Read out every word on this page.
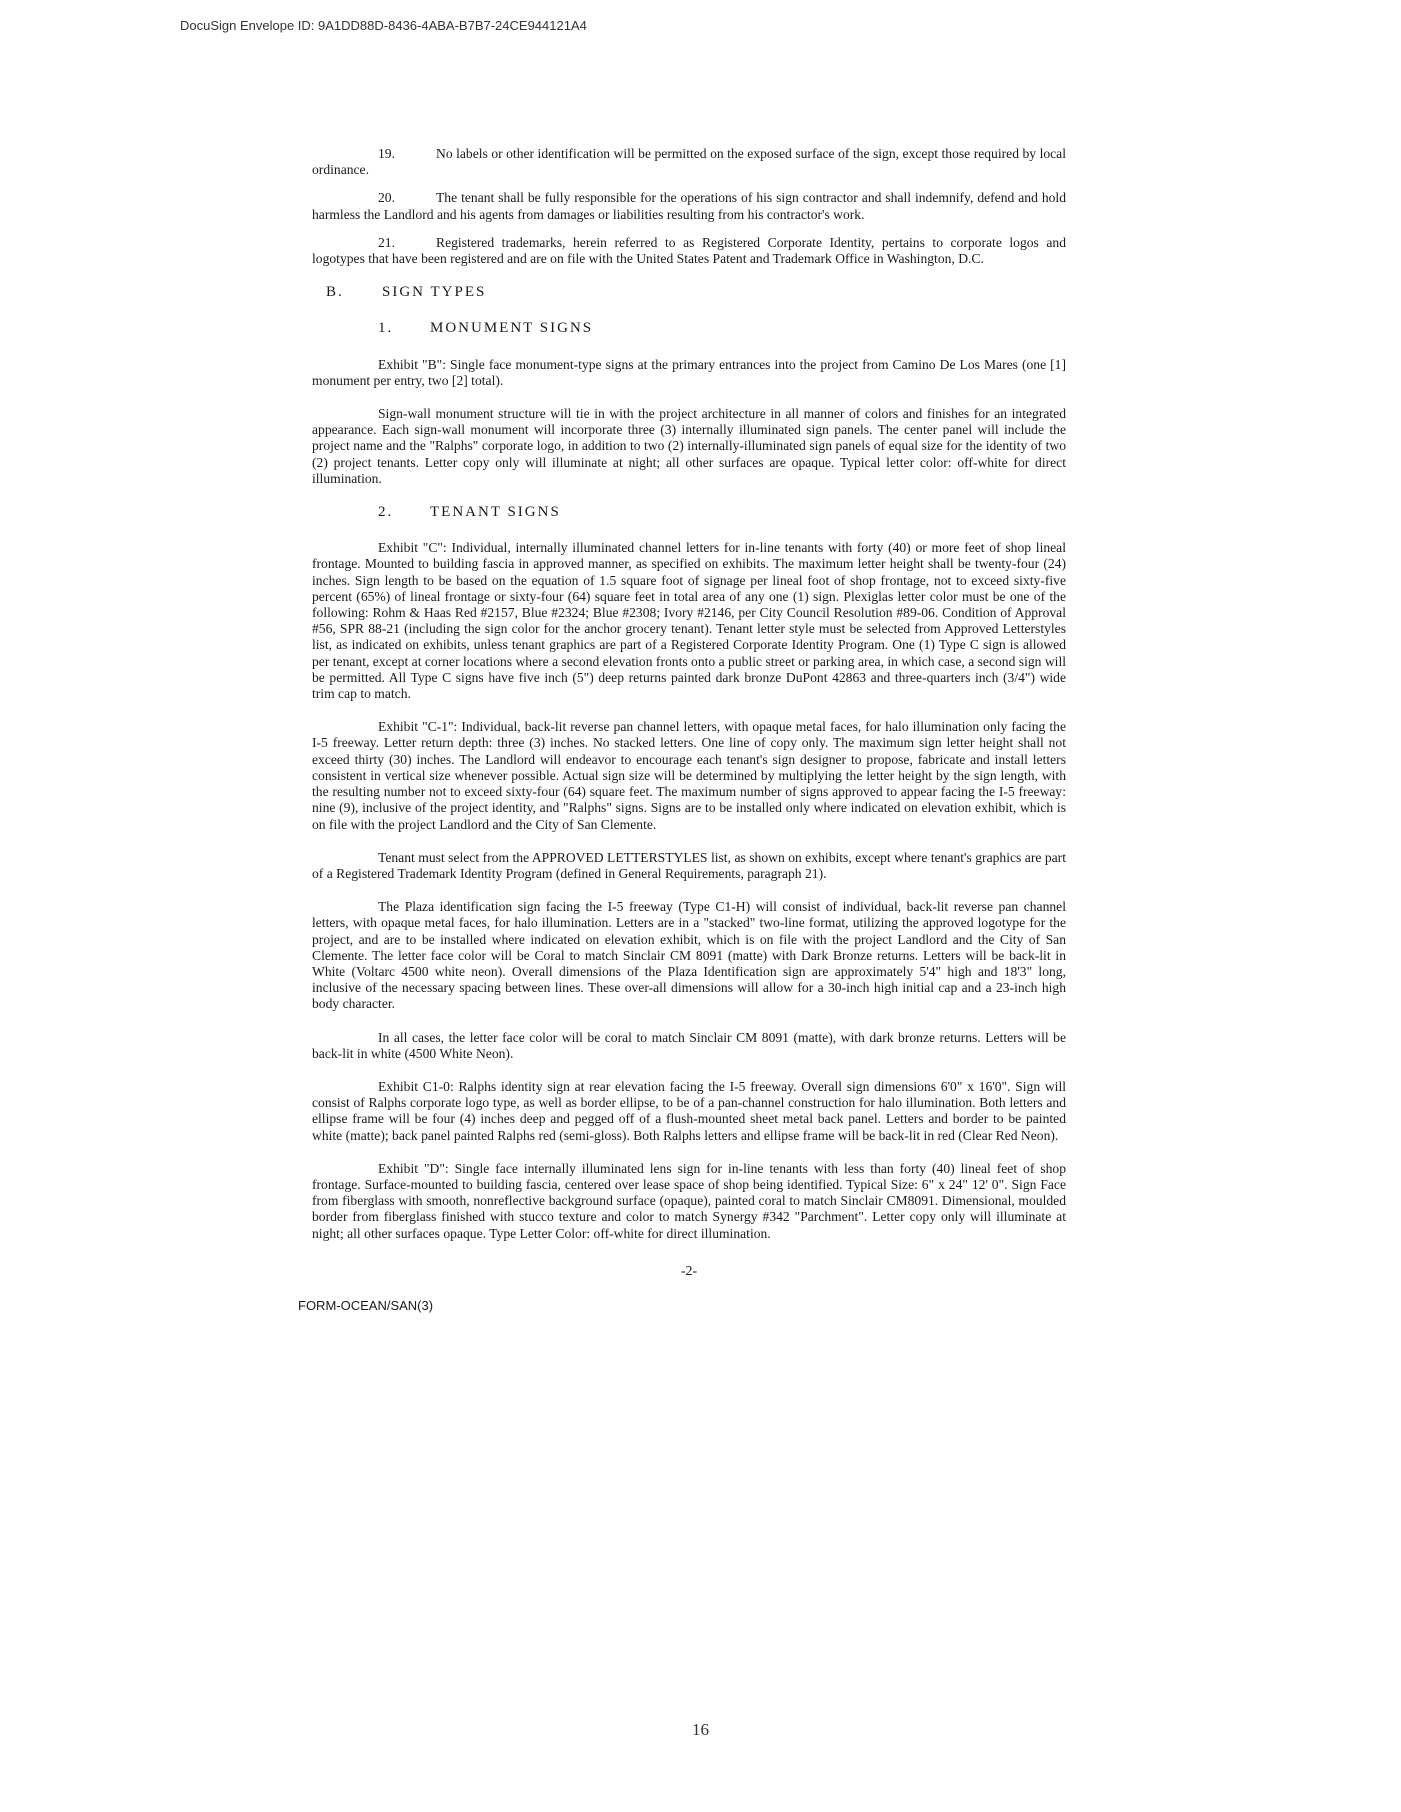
DocuSign Envelope ID: 9A1DD88D-8436-4ABA-B7B7-24CE944121A4

19.	No labels or other identification will be permitted on the exposed surface of the sign, except those required by local ordinance.

20.	The tenant shall be fully responsible for the operations of his sign contractor and shall indemnify, defend and hold harmless the Landlord and his agents from damages or liabilities resulting from his contractor's work.

21.	Registered trademarks, herein referred to as Registered Corporate Identity, pertains to corporate logos and logotypes that have been registered and are on file with the United States Patent and Trademark Office in Washington, D.C.

B.	SIGN TYPES
1. MONUMENT SIGNS

Exhibit "B": Single face monument-type signs at the primary entrances into the project from Camino De Los Mares (one [1] monument per entry, two [2] total).

Sign-wall monument structure will tie in with the project architecture in all manner of colors and finishes for an integrated appearance. Each sign-wall monument will incorporate three (3) internally illuminated sign panels. The center panel will include the project name and the "Ralphs" corporate logo, in addition to two (2) internally-illuminated sign panels of equal size for the identity of two (2) project tenants. Letter copy only will illuminate at night; all other surfaces are opaque. Typical letter color: off-white for direct illumination.

2. TENANT SIGNS

Exhibit "C": Individual, internally illuminated channel letters for in-line tenants with forty (40) or more feet of shop lineal frontage. Mounted to building fascia in approved manner, as specified on exhibits. The maximum letter height shall be twenty-four (24) inches. Sign length to be based on the equation of 1.5 square foot of signage per lineal foot of shop frontage, not to exceed sixty-five percent (65%) of lineal frontage or sixty-four (64) square feet in total area of any one (1) sign. Plexiglas letter color must be one of the following: Rohm & Haas Red #2157, Blue #2324; Blue #2308; Ivory #2146, per City Council Resolution #89-06. Condition of Approval #56, SPR 88-21 (including the sign color for the anchor grocery tenant). Tenant letter style must be selected from Approved Letterstyles list, as indicated on exhibits, unless tenant graphics are part of a Registered Corporate Identity Program. One (1) Type C sign is allowed per tenant, except at corner locations where a second elevation fronts onto a public street or parking area, in which case, a second sign will be permitted. All Type C signs have five inch (5") deep returns painted dark bronze DuPont 42863 and three-quarters inch (3/4") wide trim cap to match.

Exhibit "C-1": Individual, back-lit reverse pan channel letters, with opaque metal faces, for halo illumination only facing the I-5 freeway. Letter return depth: three (3) inches. No stacked letters. One line of copy only. The maximum sign letter height shall not exceed thirty (30) inches. The Landlord will endeavor to encourage each tenant's sign designer to propose, fabricate and install letters consistent in vertical size whenever possible. Actual sign size will be determined by multiplying the letter height by the sign length, with the resulting number not to exceed sixty-four (64) square feet. The maximum number of signs approved to appear facing the I-5 freeway: nine (9), inclusive of the project identity, and "Ralphs" signs. Signs are to be installed only where indicated on elevation exhibit, which is on file with the project Landlord and the City of San Clemente.

Tenant must select from the APPROVED LETTERSTYLES list, as shown on exhibits, except where tenant's graphics are part of a Registered Trademark Identity Program (defined in General Requirements, paragraph 21).

The Plaza identification sign facing the I-5 freeway (Type C1-H) will consist of individual, back-lit reverse pan channel letters, with opaque metal faces, for halo illumination. Letters are in a "stacked" two-line format, utilizing the approved logotype for the project, and are to be installed where indicated on elevation exhibit, which is on file with the project Landlord and the City of San Clemente. The letter face color will be Coral to match Sinclair CM 8091 (matte) with Dark Bronze returns. Letters will be back-lit in White (Voltarc 4500 white neon). Overall dimensions of the Plaza Identification sign are approximately 5'4" high and 18'3" long, inclusive of the necessary spacing between lines. These over-all dimensions will allow for a 30-inch high initial cap and a 23-inch high body character.

In all cases, the letter face color will be coral to match Sinclair CM 8091 (matte), with dark bronze returns. Letters will be back-lit in white (4500 White Neon).

Exhibit C1-0: Ralphs identity sign at rear elevation facing the I-5 freeway. Overall sign dimensions 6'0" x 16'0". Sign will consist of Ralphs corporate logo type, as well as border ellipse, to be of a pan-channel construction for halo illumination. Both letters and ellipse frame will be four (4) inches deep and pegged off of a flush-mounted sheet metal back panel. Letters and border to be painted white (matte); back panel painted Ralphs red (semi-gloss). Both Ralphs letters and ellipse frame will be back-lit in red (Clear Red Neon).

Exhibit "D": Single face internally illuminated lens sign for in-line tenants with less than forty (40) lineal feet of shop frontage. Surface-mounted to building fascia, centered over lease space of shop being identified. Typical Size: 6" x 24" 12' 0". Sign Face from fiberglass with smooth, nonreflective background surface (opaque), painted coral to match Sinclair CM8091. Dimensional, moulded border from fiberglass finished with stucco texture and color to match Synergy #342 "Parchment". Letter copy only will illuminate at night; all other surfaces opaque. Type Letter Color: off-white for direct illumination.

-2-
FORM-OCEAN/SAN(3)
16
